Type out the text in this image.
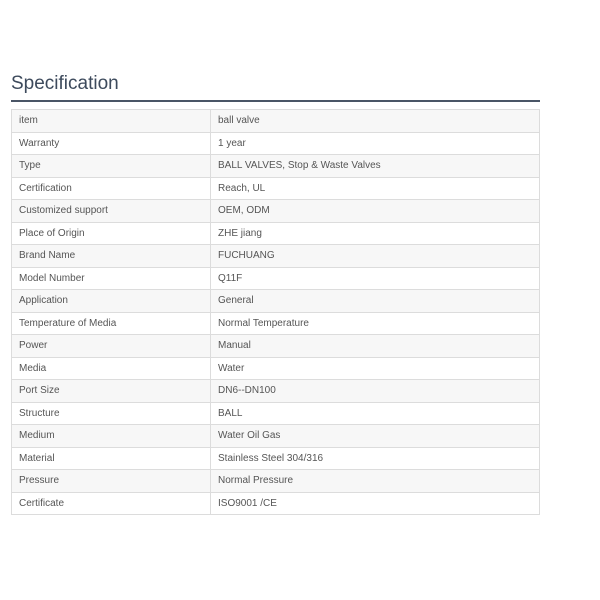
Specification
item	ball valve
Warranty	1 year
Type	BALL VALVES, Stop & Waste Valves
Certification	Reach, UL
Customized support	OEM, ODM
Place of Origin	ZHE jiang
Brand Name	FUCHUANG
Model Number	Q11F
Application	General
Temperature of Media	Normal Temperature
Power	Manual
Media	Water
Port Size	DN6--DN100
Structure	BALL
Medium	Water Oil Gas
Material	Stainless Steel 304/316
Pressure	Normal Pressure
Certificate	ISO9001 /CE
